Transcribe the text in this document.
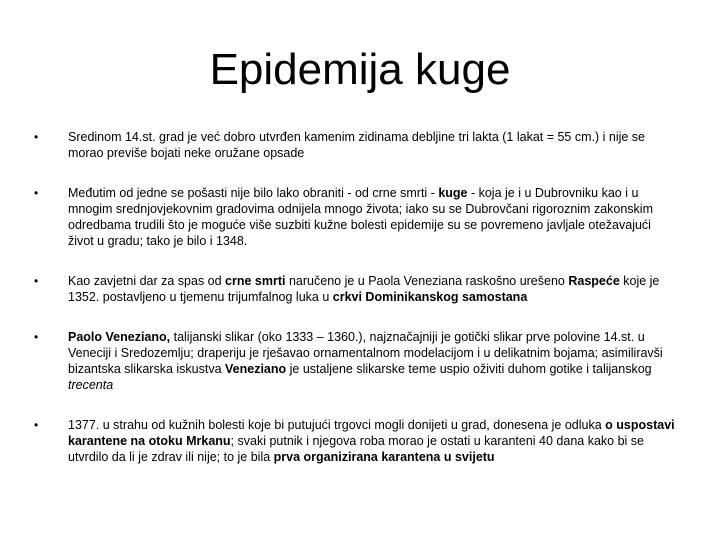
Epidemija kuge
• Sredinom 14.st. grad je već dobro utvrđen kamenim zidinama debljine tri lakta (1 lakat = 55 cm.) i nije se morao previše bojati neke oružane opsade
• Međutim od jedne se pošasti nije bilo lako obraniti - od crne smrti - kuge - koja je i u Dubrovniku kao i u mnogim srednjovjekovnim gradovima odnijela mnogo života; iako su se Dubrovčani rigoroznim zakonskim odredbama trudili što je moguće više suzbiti kužne bolesti epidemije su se povremeno javljale otežavajući život u gradu; tako je bilo i 1348.
• Kao zavjetni dar za spas od crne smrti naručeno je u Paola Veneziana raskošno urešeno Raspeće koje je 1352. postavljeno u tjemenu trijumfalnog luka u crkvi Dominikanskog samostana
• Paolo Veneziano, talijanski slikar (oko 1333 – 1360.), najznačajniji je gotički slikar prve polovine 14.st. u Veneciji i Sredozemlju; draperiju je rješavao ornamentalnom modelacijom i u delikatnim bojama; asimiliravši bizantska slikarska iskustva Veneziano je ustaljene slikarske teme uspio oživiti duhom gotike i talijanskog trecenta
• 1377. u strahu od kužnih bolesti koje bi putujući trgovci mogli donijeti u grad, donesena je odluka o uspostavi karantene na otoku Mrkanu; svaki putnik i njegova roba morao je ostati u karanteni 40 dana kako bi se utvrdilo da li je zdrav ili nije; to je bila prva organizirana karantena u svijetu
